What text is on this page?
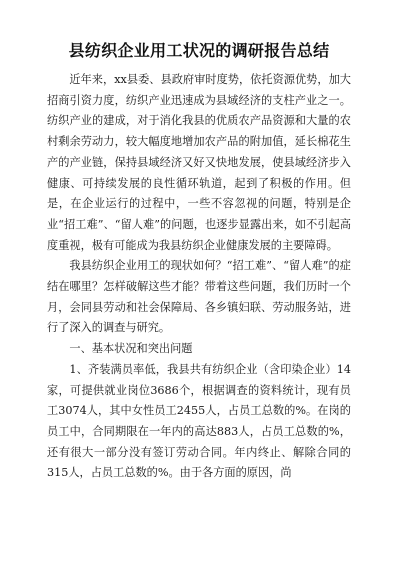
县纺织企业用工状况的调研报告总结

近年来，xx县委、县政府审时度势，依托资源优势，加大招商引资力度，纺织产业迅速成为县域经济的支柱产业之一。纺织产业的建成，对于消化我县的优质农产品资源和大量的农村剩余劳动力，较大幅度地增加农产品的附加值，延长棉花生产的产业链，保持县域经济又好又快地发展，使县域经济步入健康、可持续发展的良性循环轨道，起到了积极的作用。但是，在企业运行的过程中，一些不容忽视的问题，特别是企业“招工难”、“留人难”的问题，也逐步显露出来，如不引起高度重视，极有可能成为我县纺织企业健康发展的主要障碍。

我县纺织企业用工的现状如何？“招工难”、“留人难”的症结在哪里？怎样破解这些才能？带着这些问题，我们历时一个月，会同县劳动和社会保障局、各乡镇妇联、劳动服务站，进行了深入的调查与研究。

一、基本状况和突出问题

1、齐装满员率低，我县共有纺织企业（含印染企业）14家，可提供就业岗位3686个，根据调查的资料统计，现有员工3074人，其中女性员工2455人，占员工总数的%。在岗的员工中，合同期限在一年内的高达883人，占员工总数的%，还有很大一部分没有签订劳动合同。年内终止、解除合同的315人，占员工总数的%。由于各方面的原因，尚
